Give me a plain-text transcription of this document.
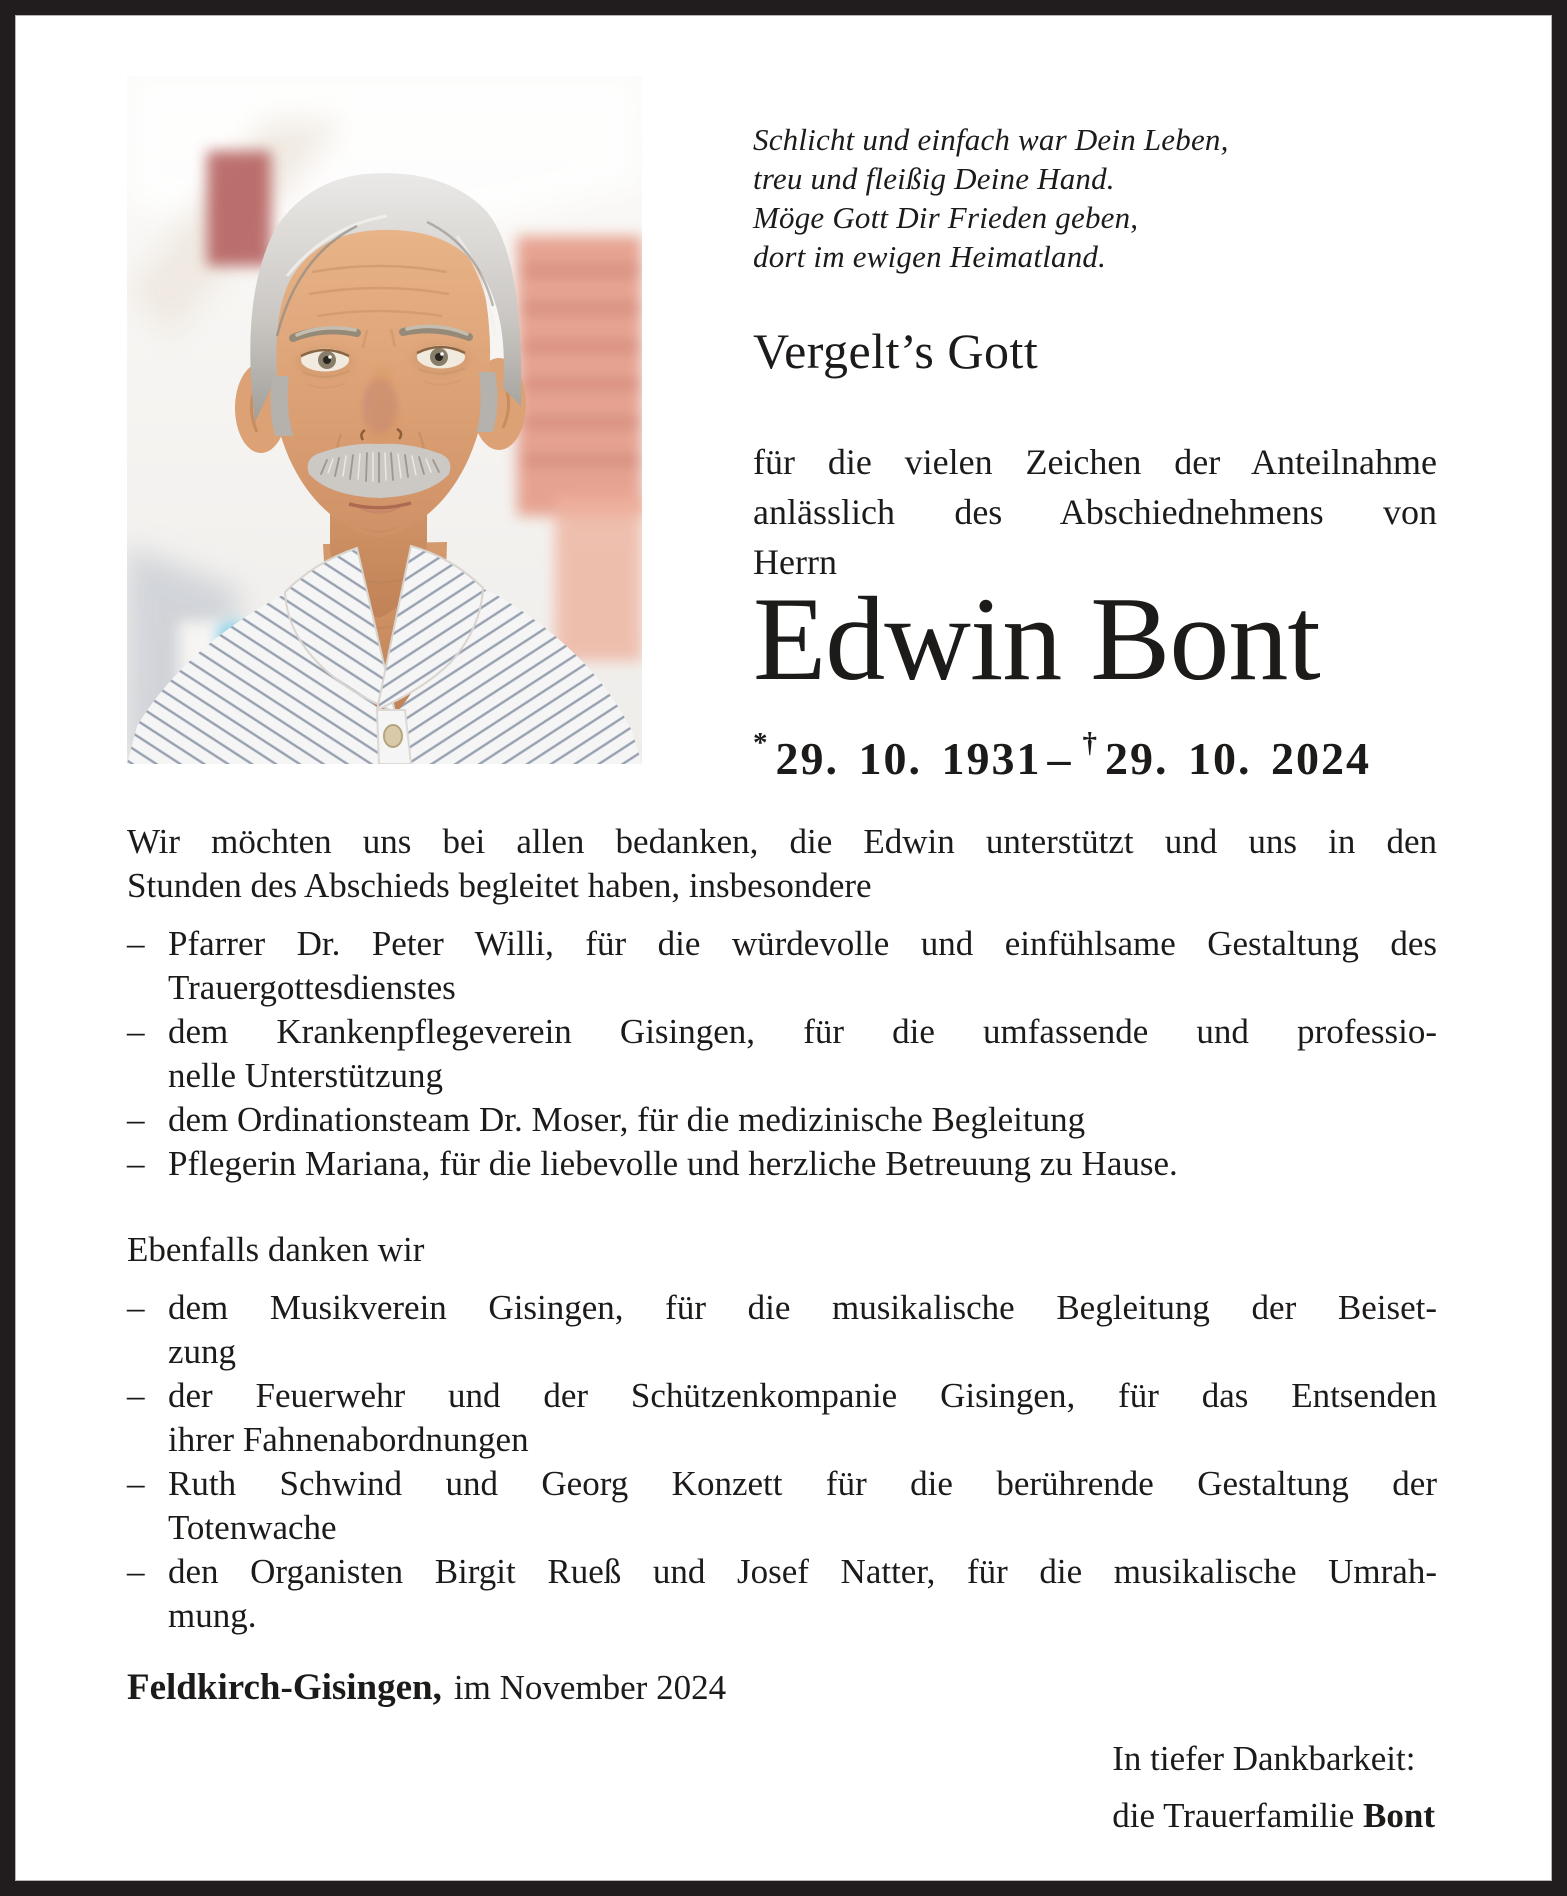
Schlicht und einfach war Dein Leben,
treu und fleißig Deine Hand.
Möge Gott Dir Frieden geben,
dort im ewigen Heimatland.
Vergelt’s Gott
für die vielen Zeichen der Anteilnahme
anlässlich des Abschiednehmens von
Herrn
Edwin Bont
* 29. 10. 1931 – † 29. 10. 2024
Wir möchten uns bei allen bedanken, die Edwin unterstützt und uns in den
Stunden des Abschieds begleitet haben, insbesondere
– Pfarrer Dr. Peter Willi, für die würdevolle und einfühlsame Gestaltung des
Trauergottesdienstes
– dem Krankenpflegeverein Gisingen, für die umfassende und professio-
nelle Unterstützung
– dem Ordinationsteam Dr. Moser, für die medizinische Begleitung
– Pflegerin Mariana, für die liebevolle und herzliche Betreuung zu Hause.
Ebenfalls danken wir
– dem Musikverein Gisingen, für die musikalische Begleitung der Beiset-
zung
– der Feuerwehr und der Schützenkompanie Gisingen, für das Entsenden
ihrer Fahnenabordnungen
– Ruth Schwind und Georg Konzett für die berührende Gestaltung der
Totenwache
– den Organisten Birgit Rueß und Josef Natter, für die musikalische Umrah-
mung.
Feldkirch-Gisingen, im November 2024
In tiefer Dankbarkeit:
die Trauerfamilie Bont
